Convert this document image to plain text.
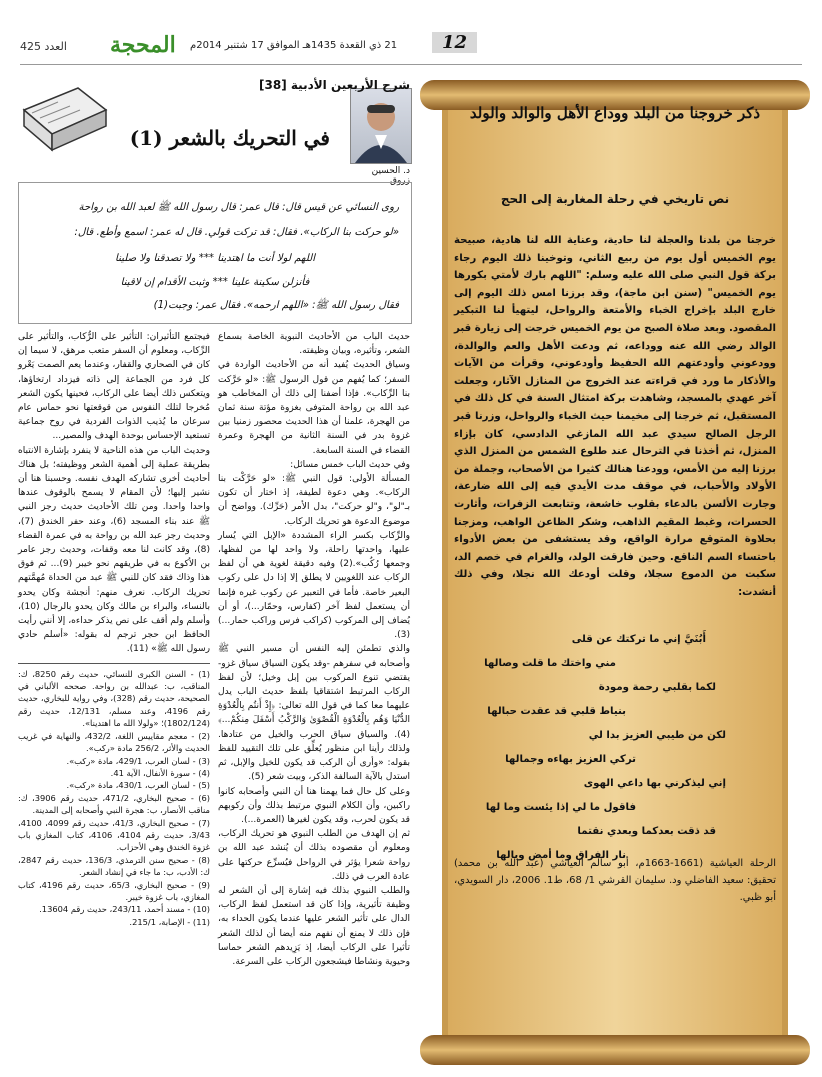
العدد 425 المحجة 21 ذي القعدة 1435هـ الموافق 17 شتنبر 2014م	12
ذكر خروجنا من البلد ووداع الأهل والوالد والولد
نص تاريخي في رحلة المغاربة إلى الحج
خرجنا من بلدنا والعجلة لنا حادية، وعناية الله لنا هادية، صبيحة يوم الخميس أول يوم من ربيع الثاني، وتوخينا ذلك اليوم رجاء بركة قول النبي صلى الله عليه وسلم: "اللهم بارك لأمتي بكورها يوم الخميس" (سنن ابن ماجة)، وقد برزنا امس ذلك اليوم إلى خارج البلد بإخراج الخباء والأمتعة والرواحل، ليتهيأ لنا التبكير المقصود. وبعد صلاة الصبح من يوم الخميس خرجت إلى زيارة قبر الوالد رضي الله عنه ووداعه، ثم ودعت الأهل والعم والوالدة، وودعوني وأودعتهم الله الحفيظ وأودعوني، وقرأت من الآيات والأذكار ما ورد في قراءته عند الخروج من المنازل الآثار، وجعلت آخر عهدي بالمسجد، وشاهدت بركة امتثال السنة في كل ذلك في المستقبل، ثم خرجنا إلى مخيمنا حيث الخباء والرواحل، وزرنا قبر الرجل الصالح سيدي عبد الله المازغي الدادسي، كان بإزاء المنزل، ثم أخذنا في الترحال عند طلوع الشمس من المنزل الذي برزنا إليه من الأمس، وودعنا هنالك كثيرا من الأصحاب، وجملة من الأولاد والأحباب، في موقف مدت الأيدي فيه إلى الله ضارعة، وجارت الألسن بالدعاء بقلوب خاشعة، وتتابعت الزفرات، وأثارت الحسرات، وغبط المقيم الذاهب، وشكر الظاعن الواهب، ومزجنا بحلاوة المتوقع مرارة الواقع، وقد يستشفى من بعض الأدواء باحتساء السم الناقع. وحين فارقت الولد، والغرام في خصم الد، سكبت من الدموع سجلا، وقلت أودعك الله نجلا، وفي ذلك أنشدت:
أَبُنَيَّ إني ما تركتك عن قلى
مني واختك ما قلت وصالها
لكما بقلبي رحمة ومودة
بنياط قلبي قد عقدت حبالها
لكن من طيبي العزيز بدا لي
تركي العزيز بهاءه وجمالها
إني ليذكرني بها داعي الهوى
فاقول ما لي إذا يئست وما لها
قد ذقت بعدكما وبعدي نقتما
نار الفراق وما أمض وبالها
الرحلة العياشية (1661-1663م، أبو سالم العياشي (عبد الله بن محمد) تحقيق: سعيد الفاضلي ود. سليمان القرشي 1/ 68، ط1. 2006، دار السويدي، أبو ظبي.
شرح الأربعين الأدبية [38]
في التحريك بالشعر (1)
د. الحسين زروق
روى النسائي عن قيس قال: قال عمر: قال رسول الله ﷺ لعبد الله بن رواحة
«لو حركت بنا الركاب». فقال: قد تركت قولي. قال له عمر: اسمع وأطع. قال:
اللهم لولا أنت ما اهتدينا *** ولا تصدقنا ولا صلينا
فأنزلن سكينة علينا *** وثبت الأقدام إن لاقينا
فقال رسول الله ﷺ: «اللهم ارحمه». فقال عمر: وجبت(1)

حديث الباب من الأحاديث النبوية الخاصة بسماع الشعر، وتأثيره، وبيان وظيفته.

وسياق الحديث يُفيد أنه من الأحاديث الواردة في السفر؛ كما يُفهم من قول الرسول ﷺ: «لو حَرَّكت بنا الرِّكاب». فإذا أضفنا إلى ذلك أن المخاطب هو عبد الله بن رواحة المتوفى بغزوة مؤتة سنة ثمان من الهجرة، علمنا أن هذا الحديث محصور زمنيا بين غزوة بدر في السنة الثانية من الهجرة وعمرة القضاء في السنة السابعة.

وفي حديث الباب خمس مسائل:

المسألة الأولى: قول النبي ﷺ: «لو حَرَّكْت بنا الركاب». وهي دعوة لطيفة، إذ اختار أن تكون بـ"لو"، و"لو حركت"، بدل الأمر (حَرِّك). وواضح أن موضوع الدعوة هو تحريك الركاب.

والرِّكاب بكسر الراء المشددة «الإبل التي يُسار عليها، واحدتها راحلة، ولا واحد لها من لفظها، وجمعها رُكُب».(2) وفيه دقيقة لغوية هي أن لفظ الركاب عند اللغويين لا يطلق إلا إذا دل على ركوب البعير خاصة. فأما في التعبير عن ركوب غيره فإنما أن يستعمل لفظ آخر (كفارس، وحمّار...)، أو أن يُضاف إلى المركوب (كراكب فرس وراكب حمار...) (3).

والذي تطمئن إليه النفس أن مسير النبي ﷺ وأصحابه في سفرهم -وقد يكون السياق سياق غزو- يقتضي تنوع المركوب بين إبل وخيل؛ لأن لفظ الركاب المرتبط اشتقاقيا بلفظ حديث الباب يدل عليهما معا كما في قول الله تعالى: ﴿إِذْ أَنتُم بِالْعُدْوَةِ الدُّنْيَا وَهُم بِالْعُدْوَةِ الْقُصْوَىٰ وَالرَّكْبُ أَسْفَلَ مِنكُمْ...﴾ (4). والسياق سياق الحرب والخيل من عتادها. ولذلك رأينا ابن منظور يُعلِّق على تلك التقييد للفظ بقوله: «وأرى أن الركب قد يكون للخيل والإبل، ثم استدل بالآية السالفة الذكر، وبيت شعر (5).

وعلى كل حال فما يهمنا هنا أن النبي وأصحابه كانوا راكبين، وأن الكلام النبوي مرتبط بذلك وأن ركوبهم قد يكون لحرب، وقد يكون لغيرها (العمرة...).

ثم إن الهدف من الطلب النبوي هو تحريك الركاب، ومعلوم أن مقصوده بذلك أن يُنشد عبد الله بن رواحة شعرا يؤثر في الرواحل فيُسرِّع حركتها على عادة العرب في ذلك.

والطلب النبوي بذلك فيه إشارة إلى أن الشعر له وظيفة تأثيرية، وإذا كان قد استعمل لفظ الركاب، الدال على تأثير الشعر عليها عندما يكون الحداء به، فإن ذلك لا يمنع أن نفهم منه أيضا أن لذلك الشعر تأثيرا على الركاب أيضا، إذ يَزِيدهم الشعر حماسا وحيوية ونشاطا فيشجعون الركاب على السرعة.

فيجتمع التأثيران: التأثير على الرُّكاب، والتأثير على الرِّكاب، ومعلوم أن السفر متعب مرهق، لا سيما إن كان في الصحاري والقفار، وعندما يعم الصمت يَعْرو كل فرد من الجماعة إلى ذاته فيزداد ارتخاؤها، ويتعكس ذلك أيضا على الركاب، فحينها يكون الشعر مُخرجا لتلك النفوس من قوقعتها نحو حماس عام سرعان ما يُذيب الذوات الفردية في روح جماعية تستعيد الإحساس بوحدة الهدف والمصير...

وحديث الباب من هذه الناحية لا ينفرد بإشارة الانتباه بطريقة عملية إلى أهمية الشعر ووظيفته؛ بل هناك أحاديث أخرى تشاركه الهدف نفسه. وحسبنا هنا أن نشير إليها؛ لأن المقام لا يسمح بالوقوف عندها واحدا واحدا. ومن تلك الأحاديث حديث رجز النبي ﷺ عند بناء المسجد (6)، وعند حفر الخندق (7)، وحديث رجز عبد الله بن رواحة به في عمرة القضاء (8)، وقد كانت لنا معه وقفات، وحديث رجز عامر بن الأكوع به في طريقهم نحو خيبر (9)... ثم فوق هذا وذاك فقد كان للنبي ﷺ عبد من الحداة مُهمَّتهم تحريك الركاب. نعرف منهم: أنجشة وكان يحدو بالنساء، والبراء بن مالك وكان يحدو بالرجال (10)، وأسلم ولم أقف على نص يذكر حداءه، إلا أنني رأيت الحافظ ابن حجر ترجم له بقوله: «أسلم حادي رسول الله ﷺ» (11).

(1) - السنن الكبرى للنسائي، حديث رقم 8250، ك: المناقب، ب: عبدالله بن رواحة. صححه الألباني في الصحيحة، حديث رقم (328)، وفي رواية للبخاري، حديث رقم 4196، وعند مسلم، 12/131، حديث رقم (1802/124)؛ «ولولا الله ما اهتدينا».
(2) - معجم مقاييس اللغة، 432/2، والنهاية في غريب الحديث والأثر، 256/2 مادة «ركب».
(3) - لسان العرب، 429/1، مادة «ركب».
(4) - سورة الأنفال، الآية 41.
(5) - لسان العرب، 430/1، مادة «ركب».
(6) - صحيح البخاري، 471/2، حديث رقم 3906، ك: مناقب الأنصار، ب: هجرة النبي وأصحابه إلى المدينة.
(7) - صحيح البخاري، 41/3، حديث رقم 4099، 4100، 3/43، حديث رقم 4104، 4106، كتاب المغازي باب غزوة الخندق وهي الأحزاب.
(8) - صحيح سنن الترمذي، 136/3، حديث رقم 2847، ك: الأدب، ب: ما جاء في إنشاد الشعر.
(9) - صحيح البخاري، 65/3، حديث رقم 4196، كتاب المغازي، باب غزوة خيبر.
(10) - مسند أحمد، 243/11، حديث رقم 13604.
(11) - الإصابة، 215/1.
